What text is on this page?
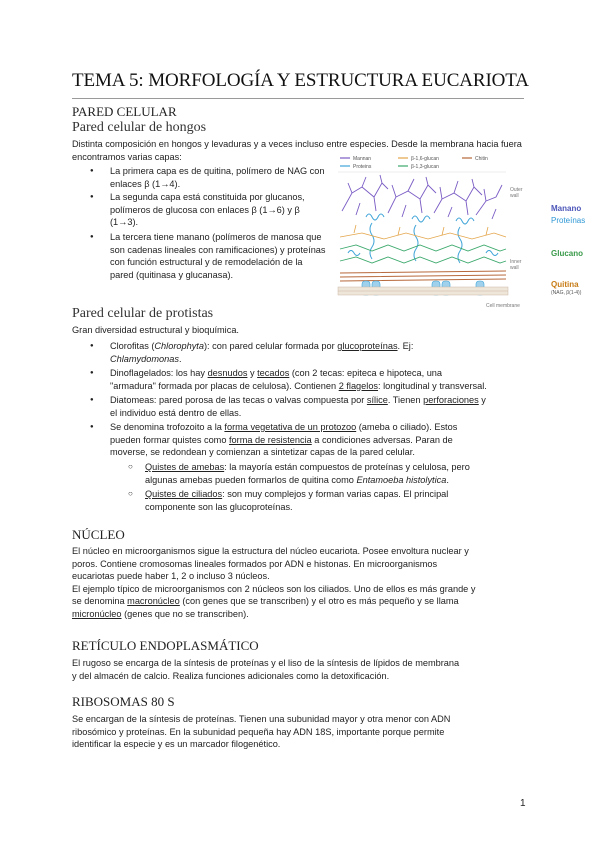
TEMA 5: MORFOLOGÍA Y ESTRUCTURA EUCARIOTA
PARED CELULAR
Pared celular de hongos

Distinta composición en hongos y levaduras y a veces incluso entre especies. Desde la membrana hacia fuera encontramos varias capas:

● La primera capa es de quitina, polímero de NAG con enlaces β (1→4).

● La segunda capa está constituida por glucanos, polímeros de glucosa con enlaces β (1→6) y β (1→3).

● La tercera tiene manano (polímeros de manosa que son cadenas lineales con ramificaciones) y proteínas con función estructural y de remodelación de la pared (quitinasa y glucanasa).

Mannan
Proteins
β-1,6-glucan
β-1,3-glucan
Chitin
Outer
wall
Inner
wall
Cell membrane
Manano
Proteínas
Glucano
Quitina
(NAG, β(1-4))
Pared celular de protistas

Gran diversidad estructural y bioquímica.

● Clorofitas (Chlorophyta): con pared celular formada por glucoproteínas. Ej:
Chlamydomonas.

● Dinoflagelados: los hay desnudos y tecados (con 2 tecas: epiteca e hipoteca, una
"armadura" formada por placas de celulosa). Contienen 2 flagelos: longitudinal y transversal.

● Diatomeas: pared porosa de las tecas o valvas compuesta por sílice. Tienen perforaciones y
el individuo está dentro de ellas.

● Se denomina trofozoito a la forma vegetativa de un protozoo (ameba o ciliado). Estos
pueden formar quistes como forma de resistencia a condiciones adversas. Paran de
moverse, se redondean y comienzan a sintetizar capas de la pared celular.

○ Quistes de amebas: la mayoría están compuestos de proteínas y celulosa, pero
algunas amebas pueden formarlos de quitina como Entamoeba histolytica.

○ Quistes de ciliados: son muy complejos y forman varias capas. El principal
componente son las glucoproteínas.

NÚCLEO

El núcleo en microorganismos sigue la estructura del núcleo eucariota. Posee envoltura nuclear y
poros. Contiene cromosomas lineales formados por ADN e histonas. En microorganismos
eucariotas puede haber 1, 2 o incluso 3 núcleos.
El ejemplo típico de microorganismos con 2 núcleos son los ciliados. Uno de ellos es más grande y
se denomina macronúcleo (con genes que se transcriben) y el otro es más pequeño y se llama
micronúcleo (genes que no se transcriben).

RETÍCULO ENDOPLASMÁTICO

El rugoso se encarga de la síntesis de proteínas y el liso de la síntesis de lípidos de membrana
y del almacén de calcio. Realiza funciones adicionales como la detoxificación.

RIBOSOMAS 80 S

Se encargan de la síntesis de proteínas. Tienen una subunidad mayor y otra menor con ADN
ribosómico y proteínas. En la subunidad pequeña hay ADN 18S, importante porque permite
identificar la especie y es un marcador filogenético.

1
